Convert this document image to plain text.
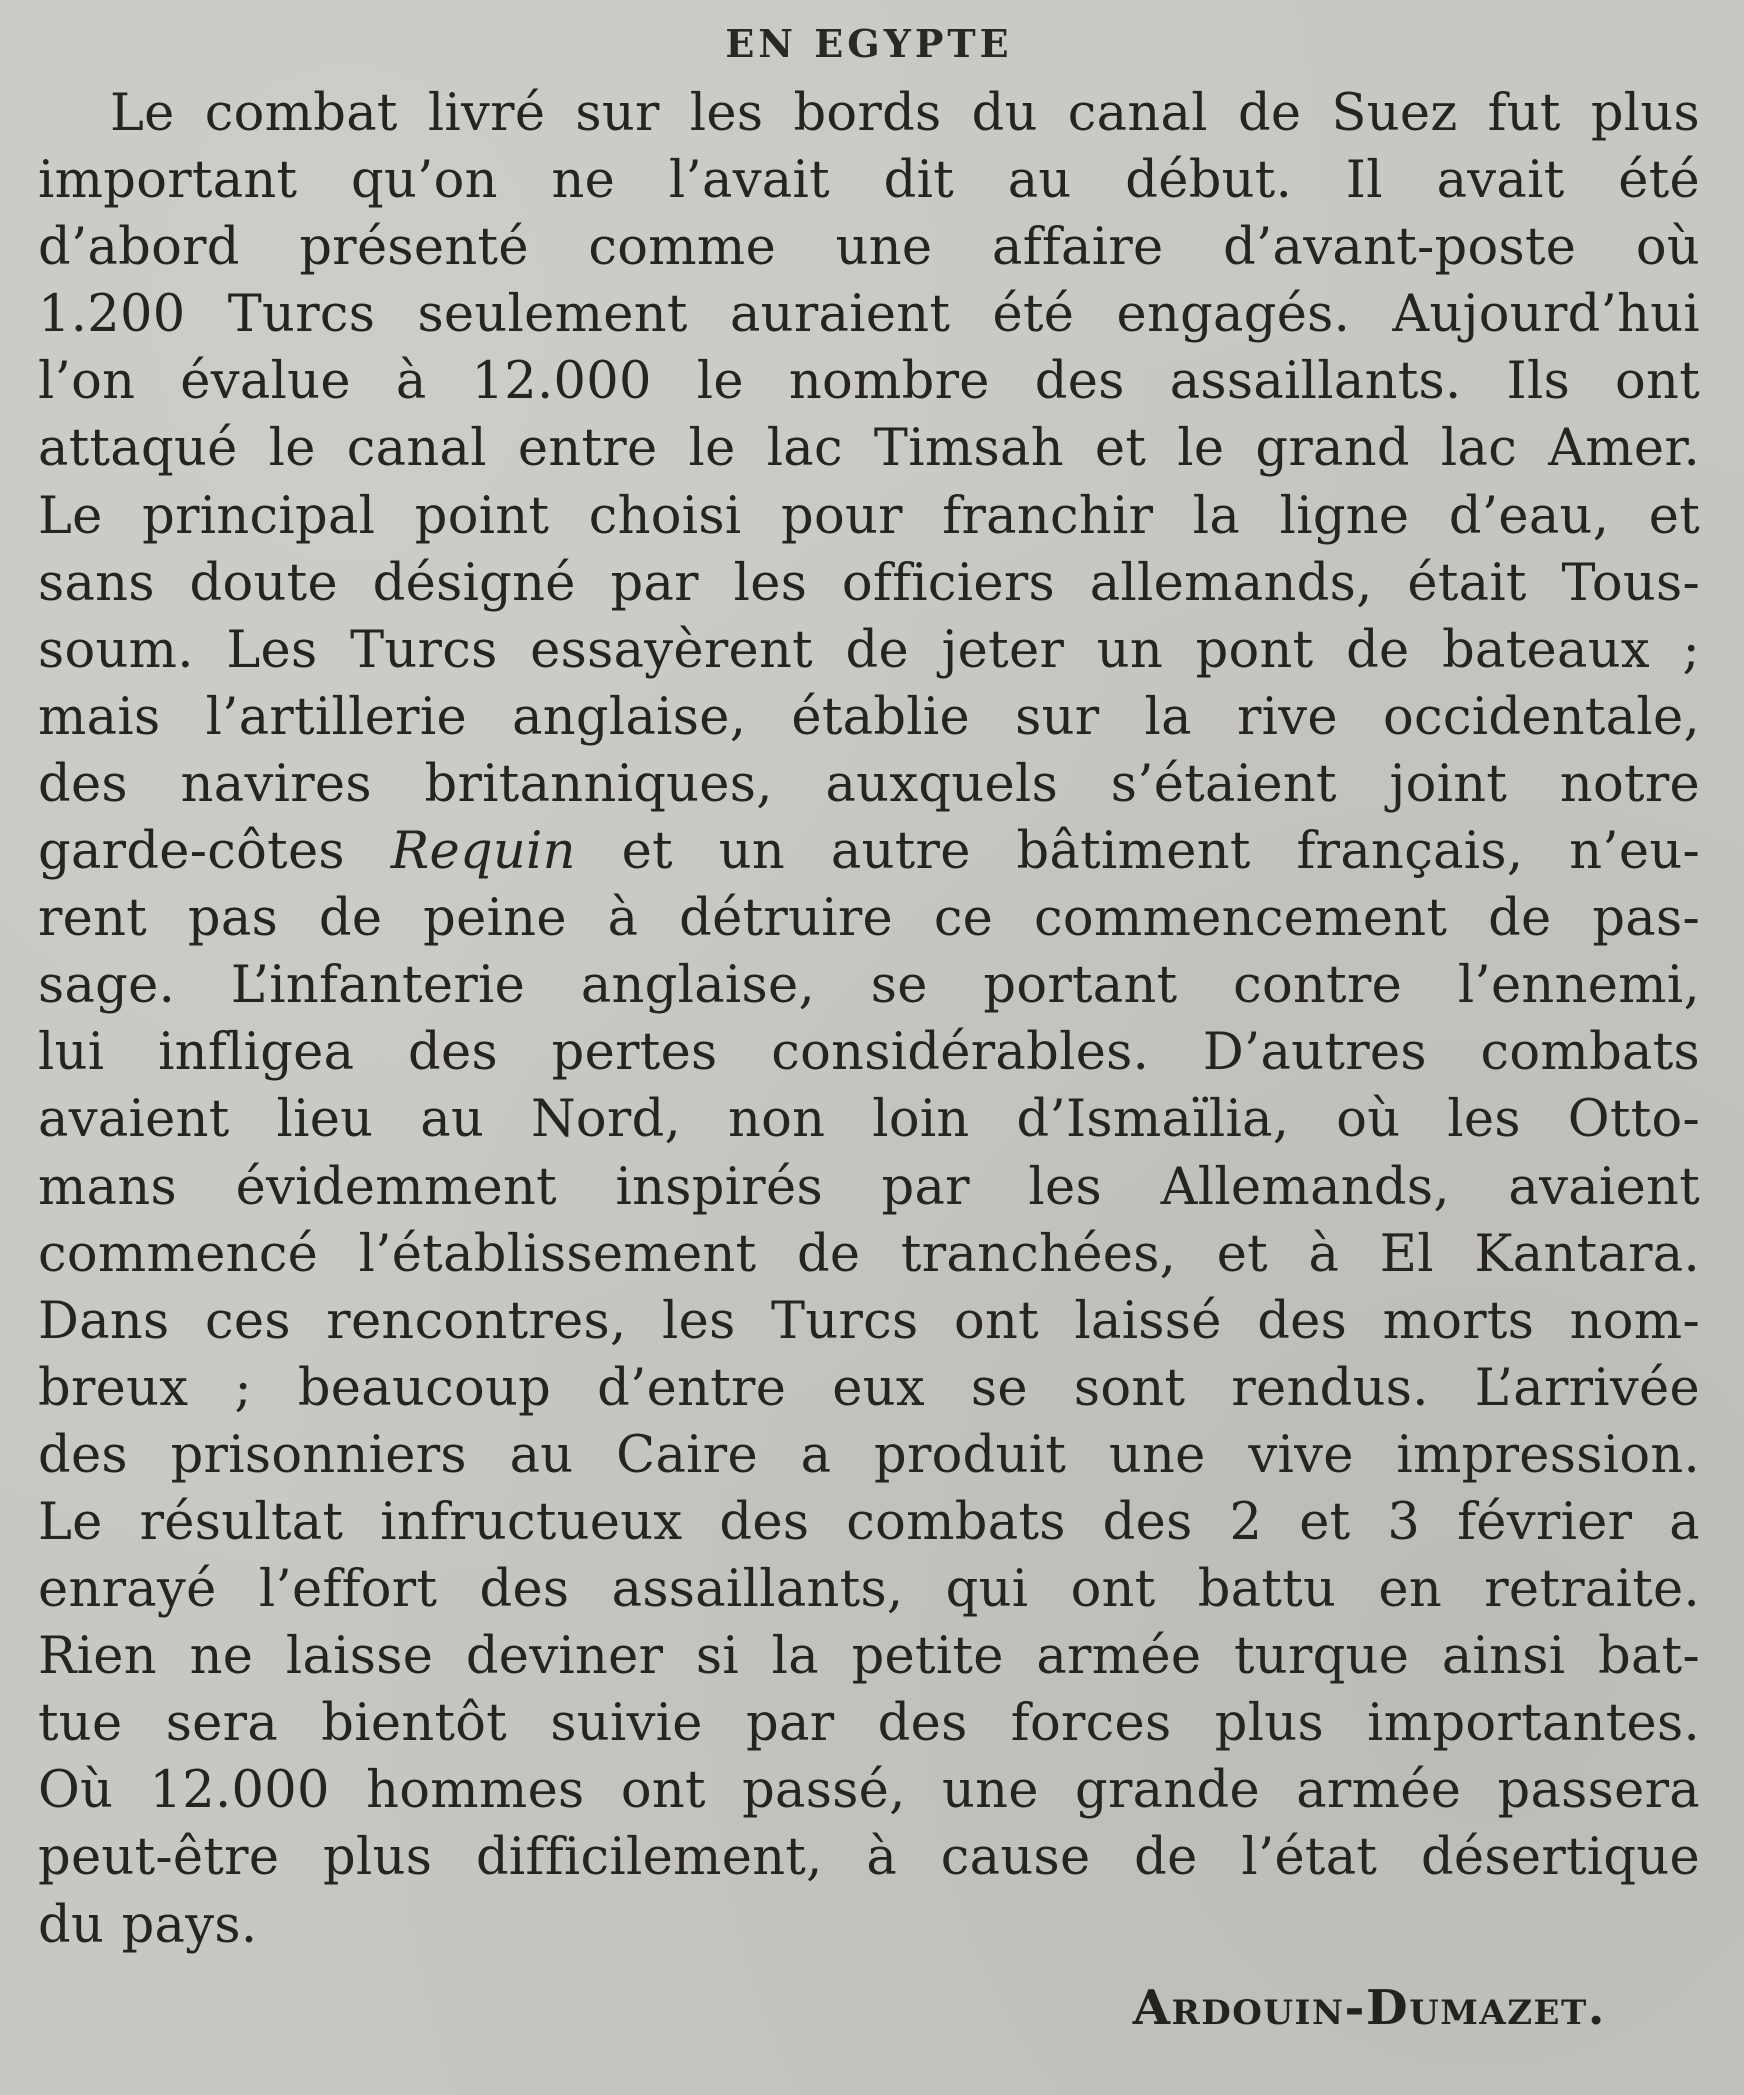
EN EGYPTE
Le combat livré sur les bords du canal de Suez fut plus
important qu’on ne l’avait dit au début. Il avait été
d’abord présenté comme une affaire d’avant-poste où
1.200 Turcs seulement auraient été engagés. Aujourd’hui
l’on évalue à 12.000 le nombre des assaillants. Ils ont
attaqué le canal entre le lac Timsah et le grand lac Amer.
Le principal point choisi pour franchir la ligne d’eau, et
sans doute désigné par les officiers allemands, était Tous-
soum. Les Turcs essayèrent de jeter un pont de bateaux ;
mais l’artillerie anglaise, établie sur la rive occidentale,
des navires britanniques, auxquels s’étaient joint notre
garde-côtes Requin et un autre bâtiment français, n’eu-
rent pas de peine à détruire ce commencement de pas-
sage. L’infanterie anglaise, se portant contre l’ennemi,
lui infligea des pertes considérables. D’autres combats
avaient lieu au Nord, non loin d’Ismaïlia, où les Otto-
mans évidemment inspirés par les Allemands, avaient
commencé l’établissement de tranchées, et à El Kantara.
Dans ces rencontres, les Turcs ont laissé des morts nom-
breux ; beaucoup d’entre eux se sont rendus. L’arrivée
des prisonniers au Caire a produit une vive impression.
Le résultat infructueux des combats des 2 et 3 février a
enrayé l’effort des assaillants, qui ont battu en retraite.
Rien ne laisse deviner si la petite armée turque ainsi bat-
tue sera bientôt suivie par des forces plus importantes.
Où 12.000 hommes ont passé, une grande armée passera
peut-être plus difficilement, à cause de l’état désertique
du pays.
Ardouin-Dumazet.
